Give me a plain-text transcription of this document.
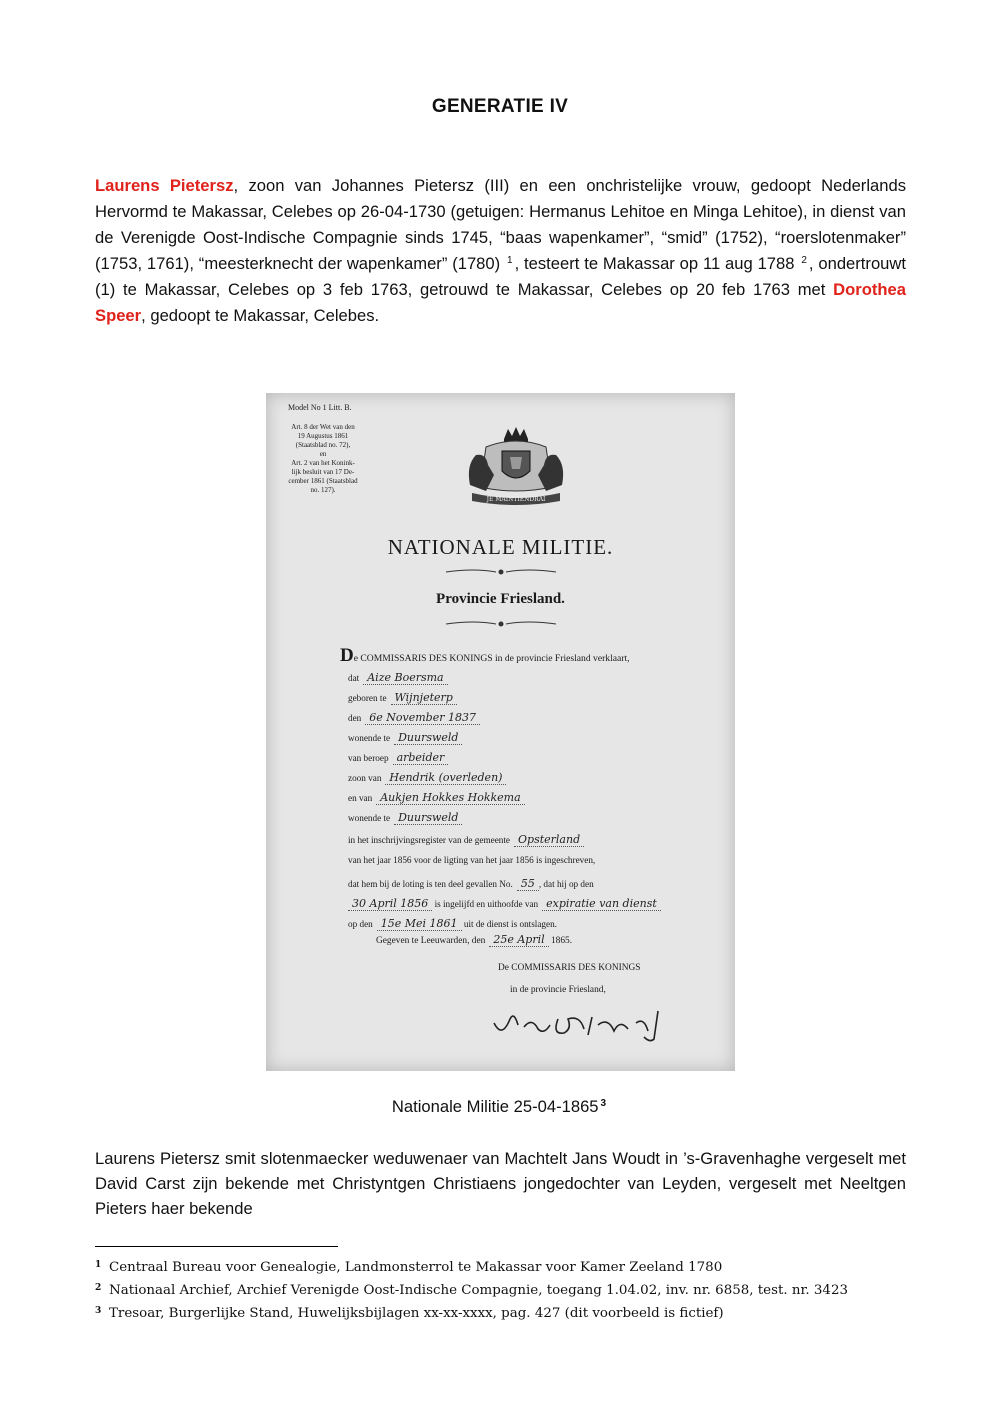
GENERATIE IV

Laurens Pietersz, zoon van Johannes Pietersz (III) en een onchristelijke vrouw, gedoopt Nederlands Hervormd te Makassar, Celebes op 26-04-1730 (getuigen: Hermanus Lehitoe en Minga Lehitoe), in dienst van de Verenigde Oost-Indische Compagnie sinds 1745, “baas wapenkamer”, “smid” (1752), “roerslotenmaker” (1753, 1761), “meesterknecht der wapenkamer” (1780) $^1$ , testeert te Makassar op 11 aug 1788 $^2$ , ondertrouwt (1) te Makassar, Celebes op 3 feb 1763, getrouwd te Makassar, Celebes op 20 feb 1763 met Dorothea Speer, gedoopt te Makassar, Celebes.

Model No 1 Litt. B.
Art. 8 der Wet van den
19 Augustus 1861
(Staatsblad no. 72),
en
Art. 2 van het Konink-
lijk besluit van 17 De-
cember 1861 (Staatsblad
no. 127).
JE MAINTIENDRAI
NATIONALE MILITIE.
Provincie Friesland.
De COMMISSARIS DES KONINGS in de provincie Friesland verklaart,
dat Aize Boersma
geboren te Wijnjeterp
den 6e November 1837
wonende te Duursweld
van beroep arbeider
zoon van Hendrik (overleden)
en van Aukjen Hokkes Hokkema
wonende te Duursweld
in het inschrijvingsregister van de gemeente Opsterland
van het jaar 1856 voor de ligting van het jaar 1856 is ingeschreven,
dat hem bij de loting is ten deel gevallen No. 55 , dat hij op den
30 April 1856 is ingelijfd en uithoofde van expiratie van dienst
op den 15e Mei 1861 uit de dienst is ontslagen.
Gegeven te Leeuwarden, den 25e April 1865.
De COMMISSARIS DES KONINGS
in de provincie Friesland,
Nationale Militie 25-04-1865 $^3$

Laurens Pietersz smit slotenmaecker weduwenaer van Machtelt Jans Woudt in ’s-Gravenhaghe vergeselt met David Carst zijn bekende met Christyntgen Christiaens jongedochter van Leyden, vergeselt met Neeltgen Pieters haer bekende

1 Centraal Bureau voor Genealogie, Landmonsterrol te Makassar voor Kamer Zeeland 1780
2 Nationaal Archief, Archief Verenigde Oost-Indische Compagnie, toegang 1.04.02, inv. nr. 6858, test. nr. 3423
3 Tresoar, Burgerlijke Stand, Huwelijksbijlagen xx-xx-xxxx, pag. 427 (dit voorbeeld is fictief)
